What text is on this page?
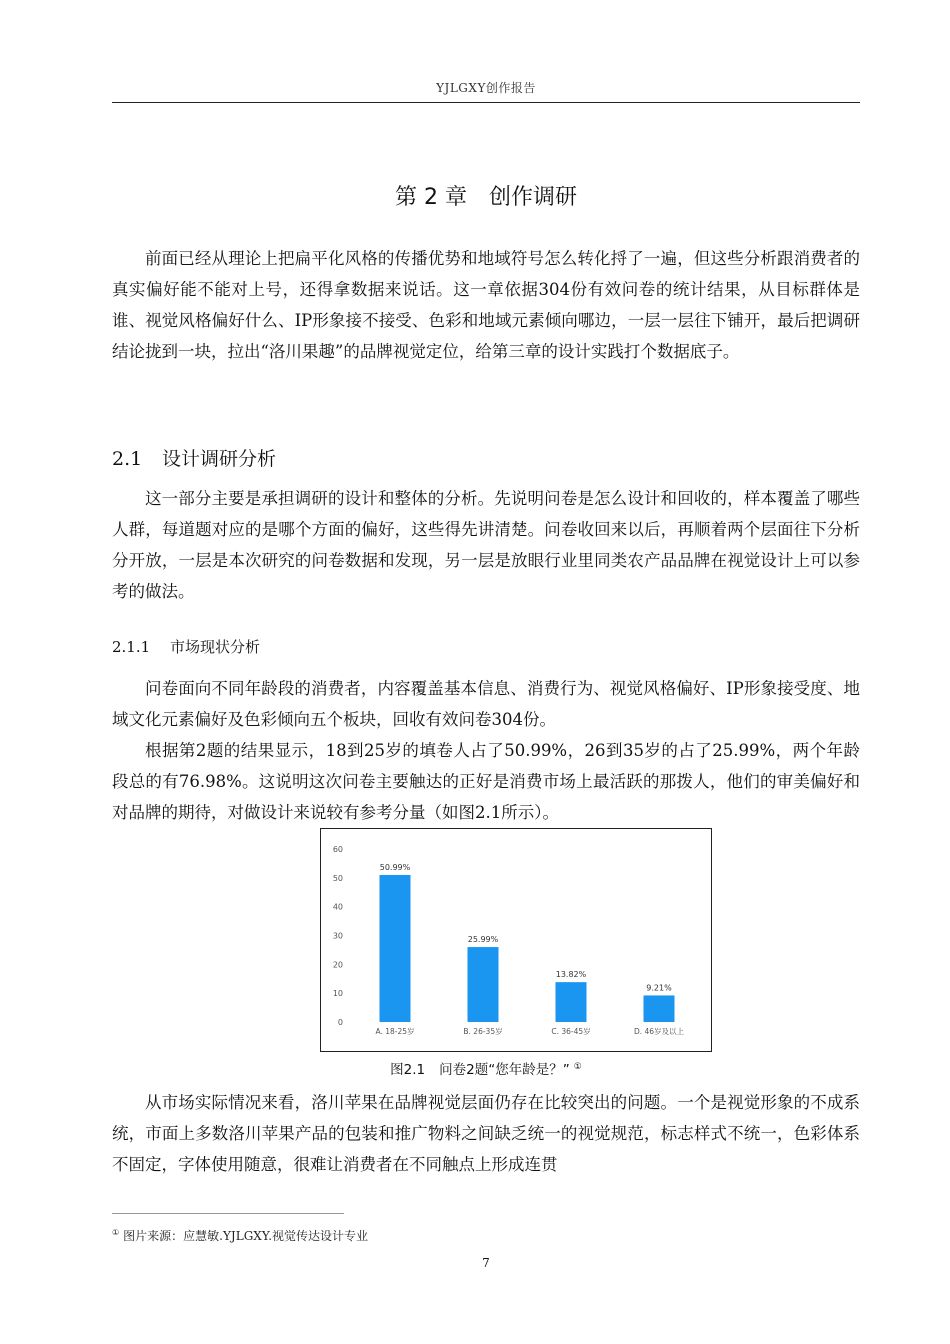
YJLGXY创作报告
第 2 章 创作调研

前面已经从理论上把扁平化风格的传播优势和地域符号怎么转化捋了一遍，但这些分析跟消费者的真实偏好能不能对上号，还得拿数据来说话。这一章依据304份有效问卷的统计结果，从目标群体是谁、视觉风格偏好什么、IP形象接不接受、色彩和地域元素倾向哪边，一层一层往下铺开，最后把调研结论拢到一块，拉出“洛川果趣”的品牌视觉定位，给第三章的设计实践打个数据底子。

2.1 设计调研分析

这一部分主要是承担调研的设计和整体的分析。先说明问卷是怎么设计和回收的，样本覆盖了哪些人群，每道题对应的是哪个方面的偏好，这些得先讲清楚。问卷收回来以后，再顺着两个层面往下分析分开放，一层是本次研究的问卷数据和发现，另一层是放眼行业里同类农产品品牌在视觉设计上可以参考的做法。

2.1.1 市场现状分析

问卷面向不同年龄段的消费者，内容覆盖基本信息、消费行为、视觉风格偏好、IP形象接受度、地域文化元素偏好及色彩倾向五个板块，回收有效问卷304份。

根据第2题的结果显示，18到25岁的填卷人占了50.99%，26到35岁的占了25.99%，两个年龄段总的有76.98%。这说明这次问卷主要触达的正好是消费市场上最活跃的那拨人，他们的审美偏好和对品牌的期待，对做设计来说较有参考分量（如图2.1所示）。

0
10
20
30
40
50
60
50.99%
A. 18-25岁
25.99%
B. 26-35岁
13.82%
C. 36-45岁
9.21%
D. 46岁及以上
图2.1 问卷2题“您年龄是？” ①

从市场实际情况来看，洛川苹果在品牌视觉层面仍存在比较突出的问题。一个是视觉形象的不成系统，市面上多数洛川苹果产品的包装和推广物料之间缺乏统一的视觉规范，标志样式不统一，色彩体系不固定，字体使用随意，很难让消费者在不同触点上形成连贯

① 图片来源：应慧敏.YJLGXY.视觉传达设计专业
7
